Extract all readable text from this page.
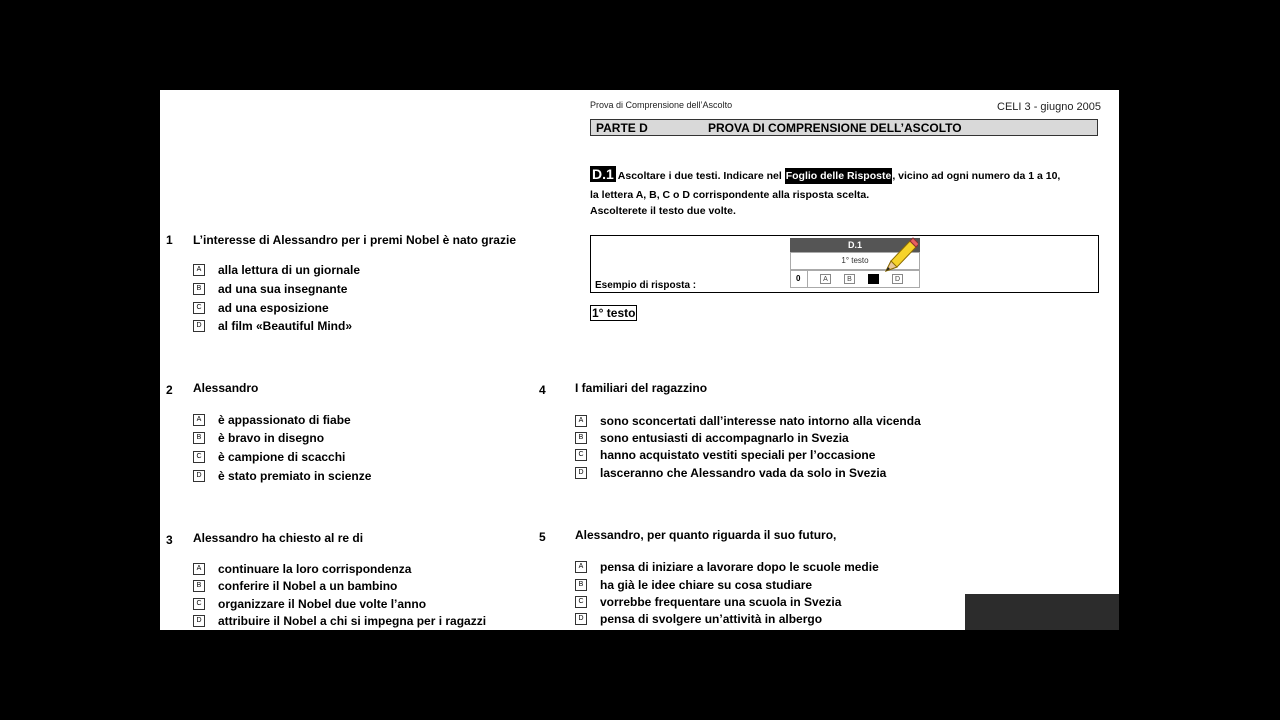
Prova di Comprensione dell’Ascolto	CELI 3 - giugno 2005
PARTE D	PROVA DI COMPRENSIONE DELL’ASCOLTO
D.1 Ascoltare i due testi. Indicare nel Foglio delle Risposte, vicino ad ogni numero da 1 a 10,
la lettera A, B, C o D corrispondente alla risposta scelta.
Ascolterete il testo due volte.
Esempio di risposta :
D.1
1° testo
0	A	B	D
1° testo
1 L’interesse di Alessandro per i premi Nobel è nato grazie
A alla lettura di un giornale
B ad una sua insegnante
C ad una esposizione
D al film «Beautiful Mind»
2 Alessandro
A è appassionato di fiabe
B è bravo in disegno
C è campione di scacchi
D è stato premiato in scienze
3 Alessandro ha chiesto al re di
A continuare la loro corrispondenza
B conferire il Nobel a un bambino
C organizzare il Nobel due volte l’anno
D attribuire il Nobel a chi si impegna per i ragazzi
4 I familiari del ragazzino
A sono sconcertati dall’interesse nato intorno alla vicenda
B sono entusiasti di accompagnarlo in Svezia
C hanno acquistato vestiti speciali per l’occasione
D lasceranno che Alessandro vada da solo in Svezia
5 Alessandro, per quanto riguarda il suo futuro,
A pensa di iniziare a lavorare dopo le scuole medie
B ha già le idee chiare su cosa studiare
C vorrebbe frequentare una scuola in Svezia
D pensa di svolgere un’attività in albergo
